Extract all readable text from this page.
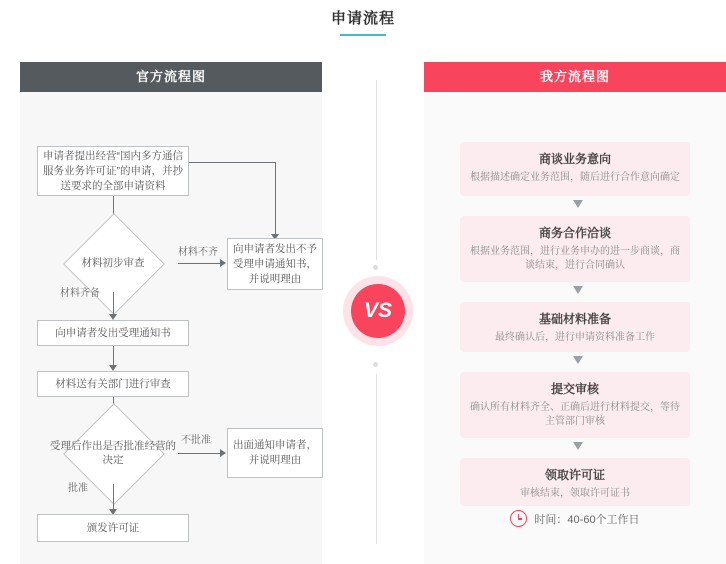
申请流程
官方流程图
申请者提出经营“国内多方通信服务业务许可证”的申请，并抄送要求的全部申请资料
材料初步审查
材料不齐	向申请者发出不予受理申请通知书，并说明理由
材料齐备
向申请者发出受理通知书
材料送有关部门进行审查
受理后作出是否批准经营的决定
不批准	出面通知申请者，并说明理由
批准
颁发许可证
VS
我方流程图
商谈业务意向
根据描述确定业务范围，随后进行合作意向确定
商务合作洽谈
根据业务范围，进行业务申办的进一步商谈，商谈结束，进行合同确认
基础材料准备
最终确认后，进行申请资料准备工作
提交审核
确认所有材料齐全、正确后进行材料提交，等待主管部门审核
领取许可证
审核结束，领取许可证书
时间：40-60个工作日
